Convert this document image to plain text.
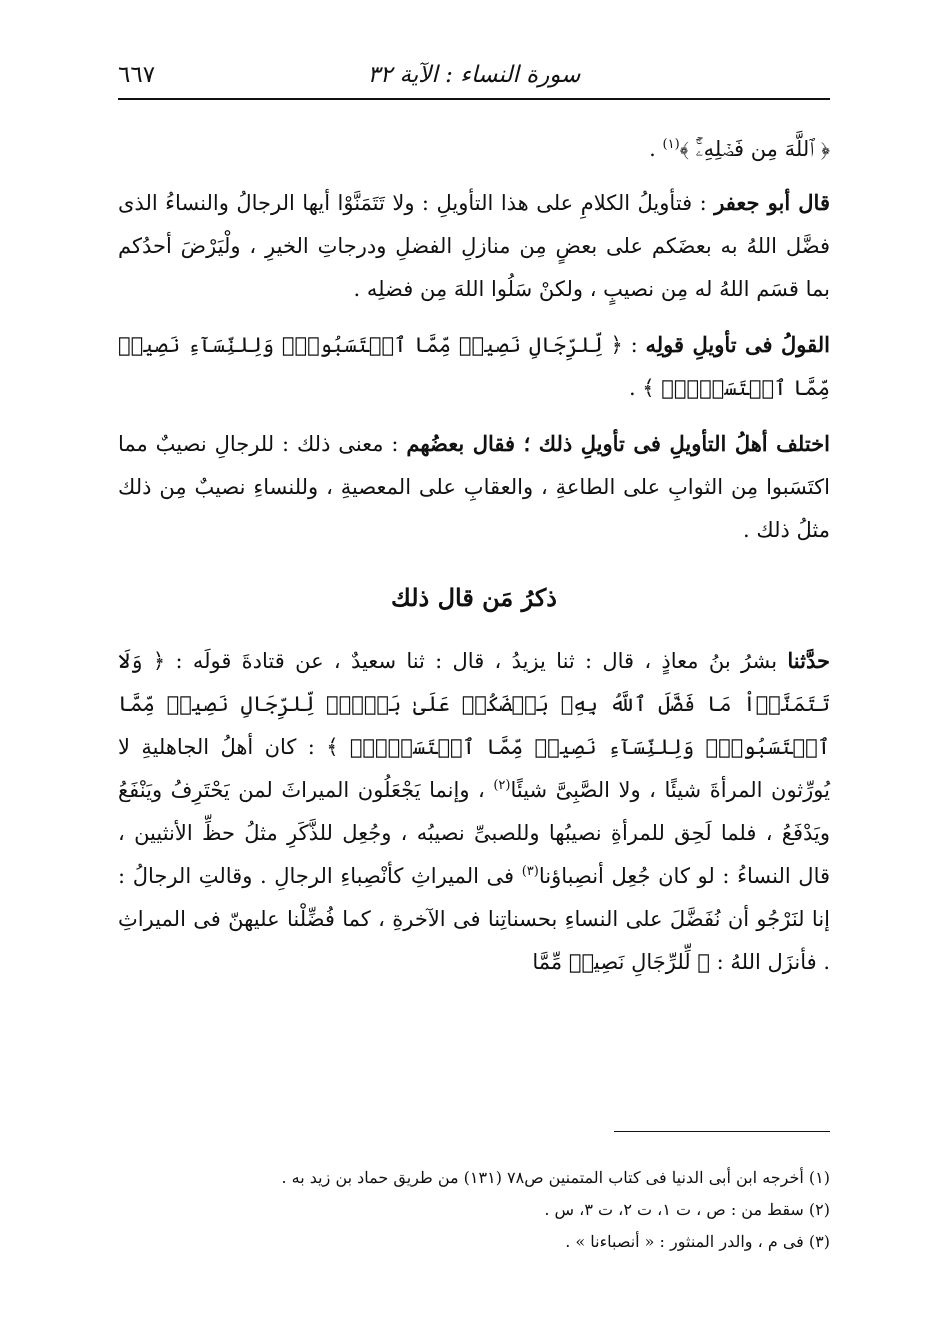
سورة النساء : الآية ٣٢
٦٦٧

﴿ ٱللَّهَ مِن فَضۡلِهِۦٓۚ ﴾$^{(١)}$ .

قال أبو جعفر : فتأويلُ الكلامِ على هذا التأويلِ : ولا تَتَمَنَّوْا أيها الرجالُ والنساءُ الذى فضَّل اللهُ به بعضَكم على بعضٍ مِن منازلِ الفضلِ ودرجاتِ الخيرِ ، ولْيَرْضَ أحدُكم بما قسَم اللهُ له مِن نصيبٍ ، ولكنْ سَلُوا اللهَ مِن فضلِه .

القولُ فى تأويلِ قولِه : ﴿ لِّلرِّجَالِ نَصِيبٞ مِّمَّا ٱكۡتَسَبُواْۖ وَلِلنِّسَآءِ نَصِيبٞ مِّمَّا ٱكۡتَسَبۡنَۚ ﴾ .

اختلف أهلُ التأويلِ فى تأويلِ ذلك ؛ فقال بعضُهم : معنى ذلك : للرجالِ نصيبٌ مما اكتَسَبوا مِن الثوابِ على الطاعةِ ، والعقابِ على المعصيةِ ، وللنساءِ نصيبٌ مِن ذلك مثلُ ذلك .

ذكرُ مَن قال ذلك

حدَّثنا بشرُ بنُ معاذٍ ، قال : ثنا يزيدُ ، قال : ثنا سعيدٌ ، عن قتادةَ قولَه : ﴿ وَلَا تَتَمَنَّوۡاْ مَا فَضَّلَ ٱللَّهُ بِهِۦ بَعۡضَكُمۡ عَلَىٰ بَعۡضٖۚ لِّلرِّجَالِ نَصِيبٞ مِّمَّا ٱكۡتَسَبُواْۖ وَلِلنِّسَآءِ نَصِيبٞ مِّمَّا ٱكۡتَسَبۡنَۚ ﴾ : كان أهلُ الجاهليةِ لا يُورِّثون المرأةَ شيئًا ، ولا الصَّبِىَّ شيئًا$^{(٢)}$ ، وإنما يَجْعَلُون الميراثَ لمن يَحْتَرِفُ ويَنْفَعُ ويَدْفَعُ ، فلما لَحِق للمرأةِ نصيبُها وللصبىِّ نصيبُه ، وجُعِل للذَّكَرِ مثلُ حظِّ الأنثيين ، قال النساءُ : لو كان جُعِل أنصِباؤنا$^{(٣)}$ فى الميراثِ كأنْصِباءِ الرجالِ . وقالتِ الرجالُ : إنا لنَرْجُو أن نُفَضَّلَ على النساءِ بحسناتِنا فى الآخرةِ ، كما فُضِّلْنا عليهنّ فى الميراثِ . فأنزَل اللهُ : ﴿ لِّلرِّجَالِ نَصِيبٞ مِّمَّا

(١) أخرجه ابن أبى الدنيا فى كتاب المتمنين ص٧٨ (١٣١) من طريق حماد بن زيد به .

(٢) سقط من : ص ، ت ١، ت ٢، ت ٣، س .

(٣) فى م ، والدر المنثور : « أنصباءنا » .
